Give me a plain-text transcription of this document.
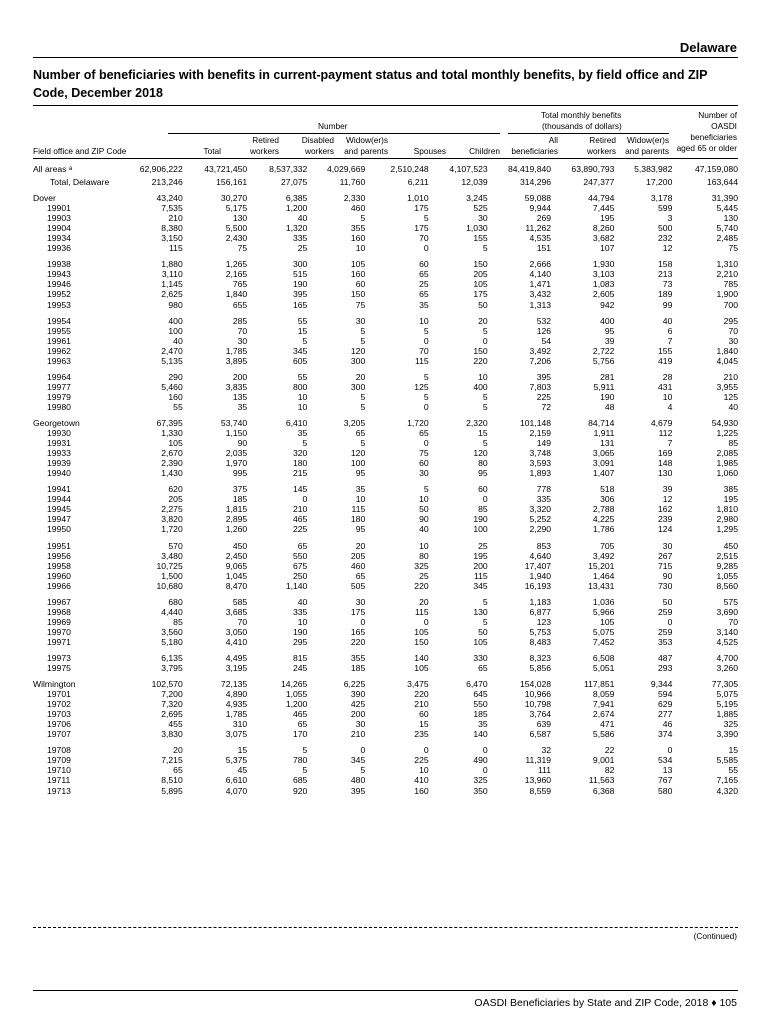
Delaware
Number of beneficiaries with benefits in current-payment status and total monthly benefits, by field office and ZIP Code, December 2018
Number
Total monthly benefits
(thousands of dollars)
Number of
OASDI
beneficiaries
aged 65 or older
Field office and ZIP Code	Total
Retired
workers
Disabled
workers
Widow(er)s
and parents	Spouses	Children
All
beneficiaries
Retired
workers
Widow(er)s
and parents
All areas $^a$	62,906,222	43,721,450	8,537,332	4,029,669	2,510,248	4,107,523	84,419,840	63,890,793	5,383,982	47,159,080
Total, Delaware	213,246	156,161	27,075	11,760	6,211	12,039	314,296	247,377	17,200	163,644

Dover	43,240	30,270	6,385	2,330	1,010	3,245	59,088	44,794	3,178	31,390
19901	7,535	5,175	1,200	460	175	525	9,944	7,445	599	5,445
19903	210	130	40	5	5	30	269	195	3	130
19904	8,380	5,500	1,320	355	175	1,030	11,262	8,260	500	5,740
19934	3,150	2,430	335	160	70	155	4,535	3,682	232	2,485
19936	115	75	25	10	0	5	151	107	12	75

19938	1,880	1,265	300	105	60	150	2,666	1,930	158	1,310
19943	3,110	2,165	515	160	65	205	4,140	3,103	213	2,210
19946	1,145	765	190	60	25	105	1,471	1,083	73	785
19952	2,625	1,840	395	150	65	175	3,432	2,605	189	1,900
19953	980	655	165	75	35	50	1,313	942	99	700

19954	400	285	55	30	10	20	532	400	40	295
19955	100	70	15	5	5	5	126	95	6	70
19961	40	30	5	5	0	0	54	39	7	30
19962	2,470	1,785	345	120	70	150	3,492	2,722	155	1,840
19963	5,135	3,895	605	300	115	220	7,206	5,756	419	4,045

19964	290	200	55	20	5	10	395	281	28	210
19977	5,460	3,835	800	300	125	400	7,803	5,911	431	3,955
19979	160	135	10	5	5	5	225	190	10	125
19980	55	35	10	5	0	5	72	48	4	40

Georgetown	67,395	53,740	6,410	3,205	1,720	2,320	101,148	84,714	4,679	54,930
19930	1,330	1,150	35	65	65	15	2,159	1,911	112	1,225
19931	105	90	5	5	0	5	149	131	7	85
19933	2,670	2,035	320	120	75	120	3,748	3,065	169	2,085
19939	2,390	1,970	180	100	60	80	3,593	3,091	148	1,985
19940	1,430	995	215	95	30	95	1,893	1,407	130	1,060

19941	620	375	145	35	5	60	778	518	39	385
19944	205	185	0	10	10	0	335	306	12	195
19945	2,275	1,815	210	115	50	85	3,320	2,788	162	1,810
19947	3,820	2,895	465	180	90	190	5,252	4,225	239	2,980
19950	1,720	1,260	225	95	40	100	2,290	1,786	124	1,295

19951	570	450	65	20	10	25	853	705	30	450
19956	3,480	2,450	550	205	80	195	4,640	3,492	267	2,515
19958	10,725	9,065	675	460	325	200	17,407	15,201	715	9,285
19960	1,500	1,045	250	65	25	115	1,940	1,464	90	1,055
19966	10,680	8,470	1,140	505	220	345	16,193	13,431	730	8,560

19967	680	585	40	30	20	5	1,183	1,036	50	575
19968	4,440	3,685	335	175	115	130	6,877	5,966	259	3,690
19969	85	70	10	0	0	5	123	105	0	70
19970	3,560	3,050	190	165	105	50	5,753	5,075	259	3,140
19971	5,180	4,410	295	220	150	105	8,483	7,452	353	4,525

19973	6,135	4,495	815	355	140	330	8,323	6,508	487	4,700
19975	3,795	3,195	245	185	105	65	5,856	5,051	293	3,260

Wilmington	102,570	72,135	14,265	6,225	3,475	6,470	154,028	117,851	9,344	77,305
19701	7,200	4,890	1,055	390	220	645	10,966	8,059	594	5,075
19702	7,320	4,935	1,200	425	210	550	10,798	7,941	629	5,195
19703	2,695	1,785	465	200	60	185	3,764	2,674	277	1,885
19706	455	310	65	30	15	35	639	471	46	325
19707	3,830	3,075	170	210	235	140	6,587	5,586	374	3,390

19708	20	15	5	0	0	0	32	22	0	15
19709	7,215	5,375	780	345	225	490	11,319	9,001	534	5,585
19710	65	45	5	5	10	0	111	82	13	55
19711	8,510	6,610	685	480	410	325	13,960	11,563	767	7,165
19713	5,895	4,070	920	395	160	350	8,559	6,368	580	4,320
(Continued)
OASDI Beneficiaries by State and ZIP Code, 2018 ♦ 105
